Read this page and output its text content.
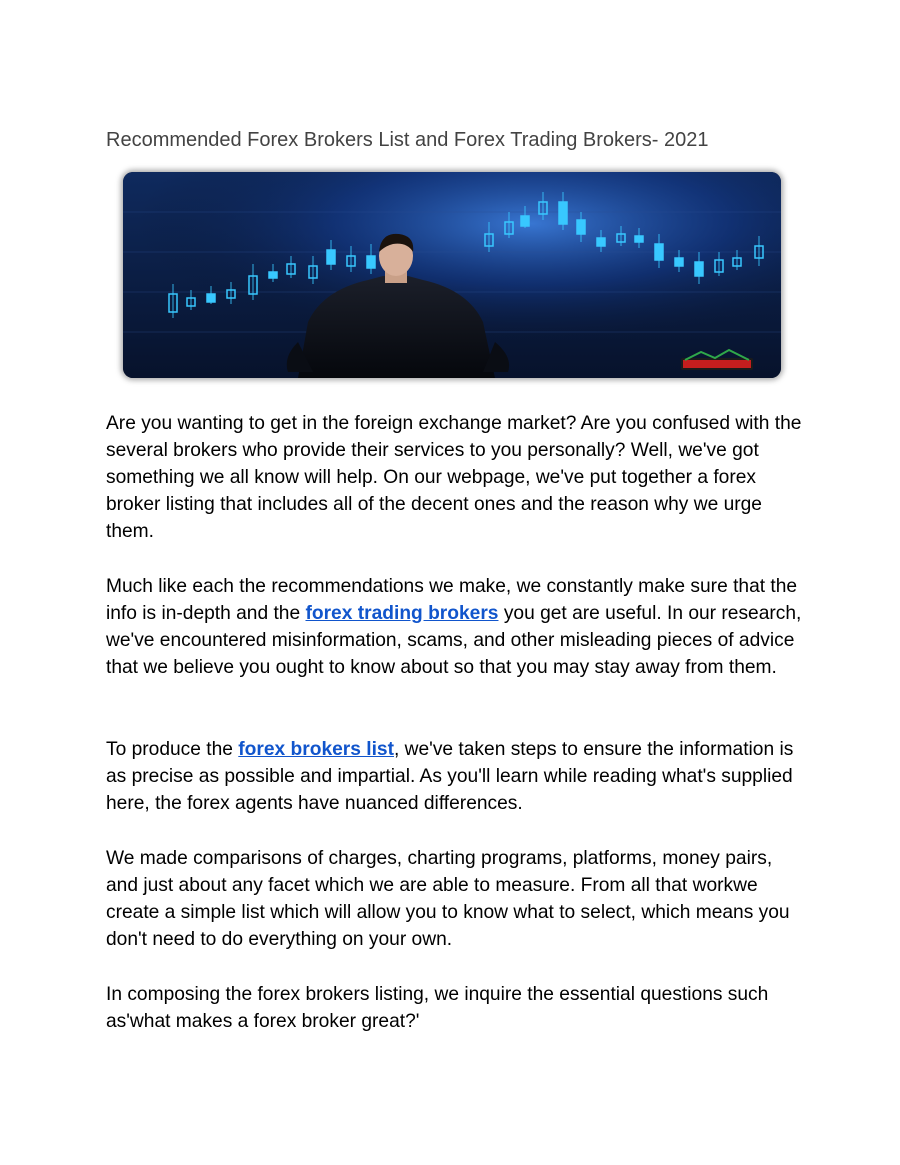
Recommended Forex Brokers List and Forex Trading Brokers- 2021

Are you wanting to get in the foreign exchange market? Are you confused with the several brokers who provide their services to you personally? Well, we've got something we all know will help. On our webpage, we've put together a forex broker listing that includes all of the decent ones and the reason why we urge them.

Much like each the recommendations we make, we constantly make sure that the info is in-depth and the forex trading brokers you get are useful. In our research, we've encountered misinformation, scams, and other misleading pieces of advice that we believe you ought to know about so that you may stay away from them.

To produce the forex brokers list, we've taken steps to ensure the information is as precise as possible and impartial. As you'll learn while reading what's supplied here, the forex agents have nuanced differences.

We made comparisons of charges, charting programs, platforms, money pairs, and just about any facet which we are able to measure. From all that workwe create a simple list which will allow you to know what to select, which means you don't need to do everything on your own.

In composing the forex brokers listing, we inquire the essential questions such as'what makes a forex broker great?'
